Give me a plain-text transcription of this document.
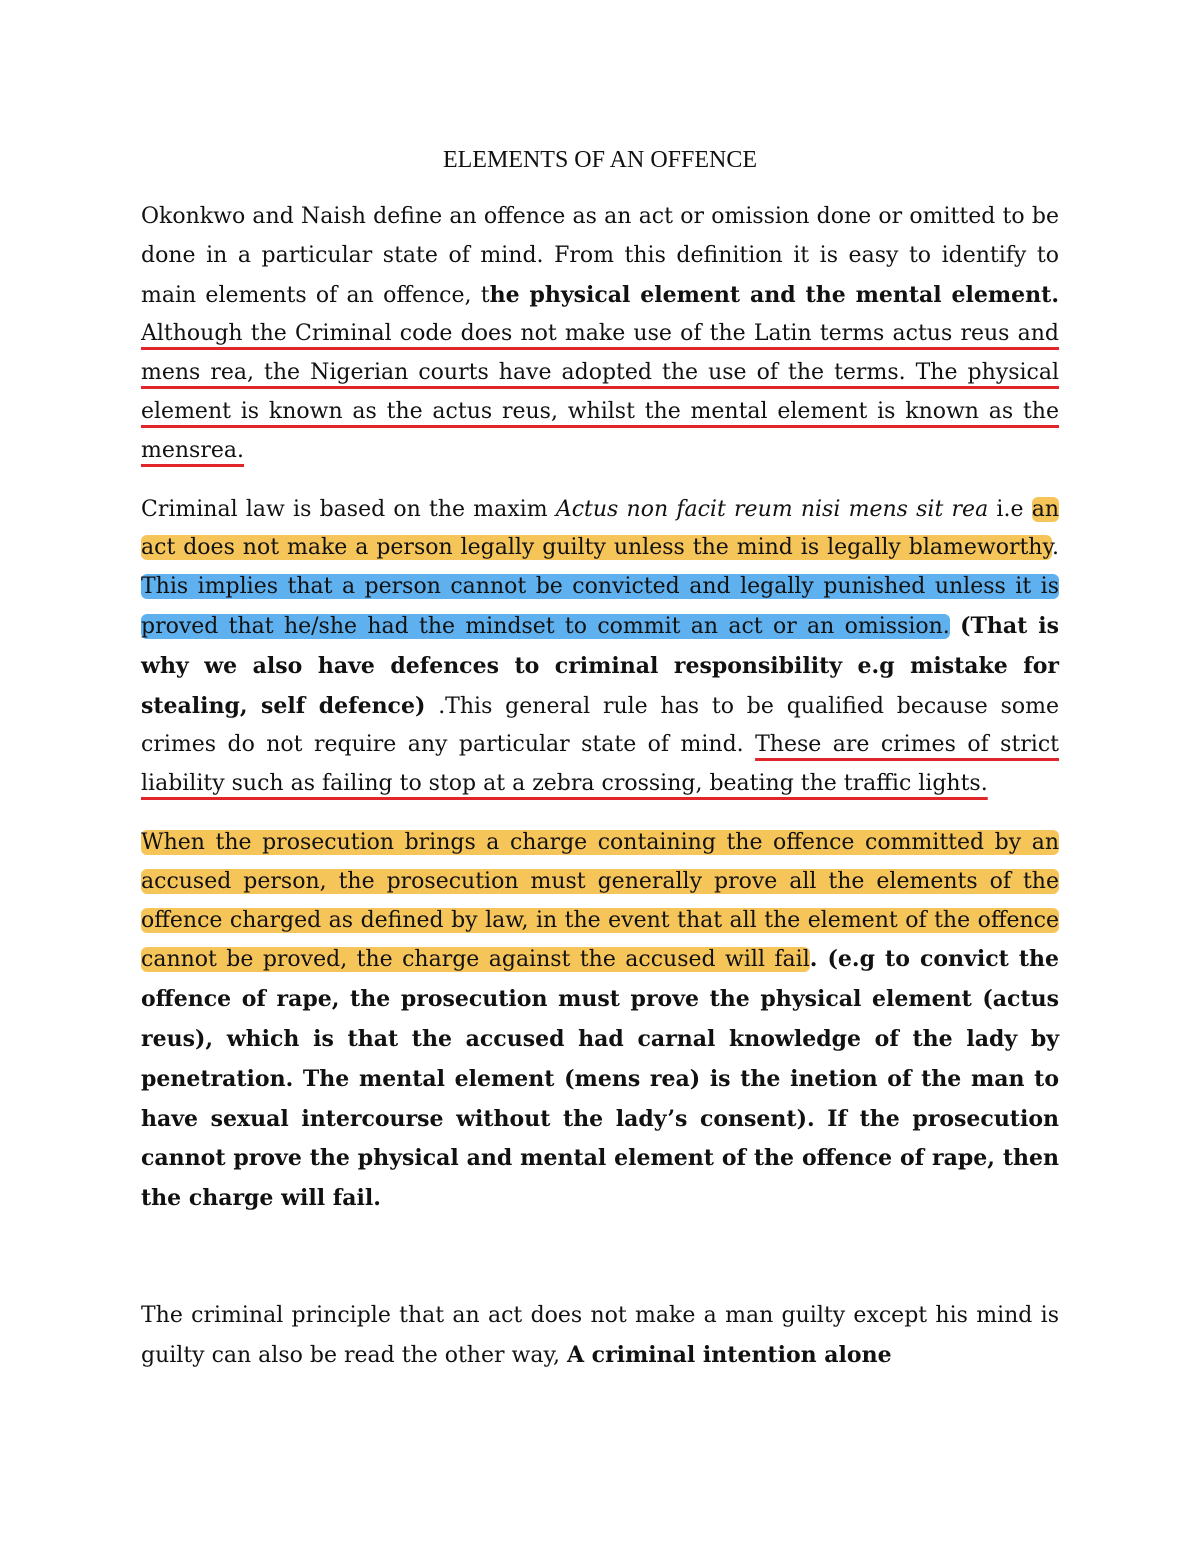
ELEMENTS OF AN OFFENCE

Okonkwo and Naish define an offence as an act or omission done or omitted to be done in a particular state of mind. From this definition it is easy to identify to main elements of an offence, the physical element and the mental element. Although the Criminal code does not make use of the Latin terms actus reus and mens rea, the Nigerian courts have adopted the use of the terms. The physical element is known as the actus reus, whilst the mental element is known as the mensrea.

Criminal law is based on the maxim Actus non facit reum nisi mens sit rea i.e an act does not make a person legally guilty unless the mind is legally blameworthy. This implies that a person cannot be convicted and legally punished unless it is proved that he/she had the mindset to commit an act or an omission. (That is why we also have defences to criminal responsibility e.g mistake for stealing, self defence) .This general rule has to be qualified because some crimes do not require any particular state of mind. These are crimes of strict liability such as failing to stop at a zebra crossing, beating the traffic lights.

When the prosecution brings a charge containing the offence committed by an accused person, the prosecution must generally prove all the elements of the offence charged as defined by law, in the event that all the element of the offence cannot be proved, the charge against the accused will fail. (e.g to convict the offence of rape, the prosecution must prove the physical element (actus reus), which is that the accused had carnal knowledge of the lady by penetration. The mental element (mens rea) is the inetion of the man to have sexual intercourse without the lady’s consent). If the prosecution cannot prove the physical and mental element of the offence of rape, then the charge will fail.

The criminal principle that an act does not make a man guilty except his mind is guilty can also be read the other way, A criminal intention alone
